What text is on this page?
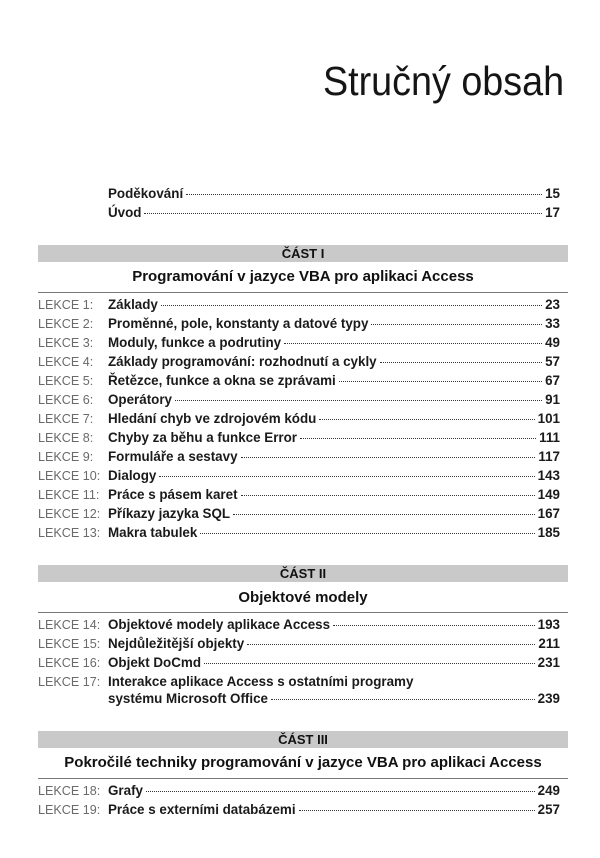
Stručný obsah
Poděkování	15
Úvod	17
ČÁST I
Programování v jazyce VBA pro aplikaci Access
LEKCE 1:	Základy	23
LEKCE 2:	Proměnné, pole, konstanty a datové typy	33
LEKCE 3:	Moduly, funkce a podrutiny	49
LEKCE 4:	Základy programování: rozhodnutí a cykly	57
LEKCE 5:	Řetězce, funkce a okna se zprávami	67
LEKCE 6:	Operátory	91
LEKCE 7:	Hledání chyb ve zdrojovém kódu	101
LEKCE 8:	Chyby za běhu a funkce Error	111
LEKCE 9:	Formuláře a sestavy	117
LEKCE 10: Dialogy	143
LEKCE 11: Práce s pásem karet	149
LEKCE 12: Příkazy jazyka SQL	167
LEKCE 13: Makra tabulek	185
ČÁST II
Objektové modely
LEKCE 14: Objektové modely aplikace Access	193
LEKCE 15: Nejdůležitější objekty	211
LEKCE 16: Objekt DoCmd	231
LEKCE 17: Interakce aplikace Access s ostatními programy
systému Microsoft Office	239
ČÁST III
Pokročilé techniky programování v jazyce VBA pro aplikaci Access
LEKCE 18: Grafy	249
LEKCE 19: Práce s externími databázemi	257
